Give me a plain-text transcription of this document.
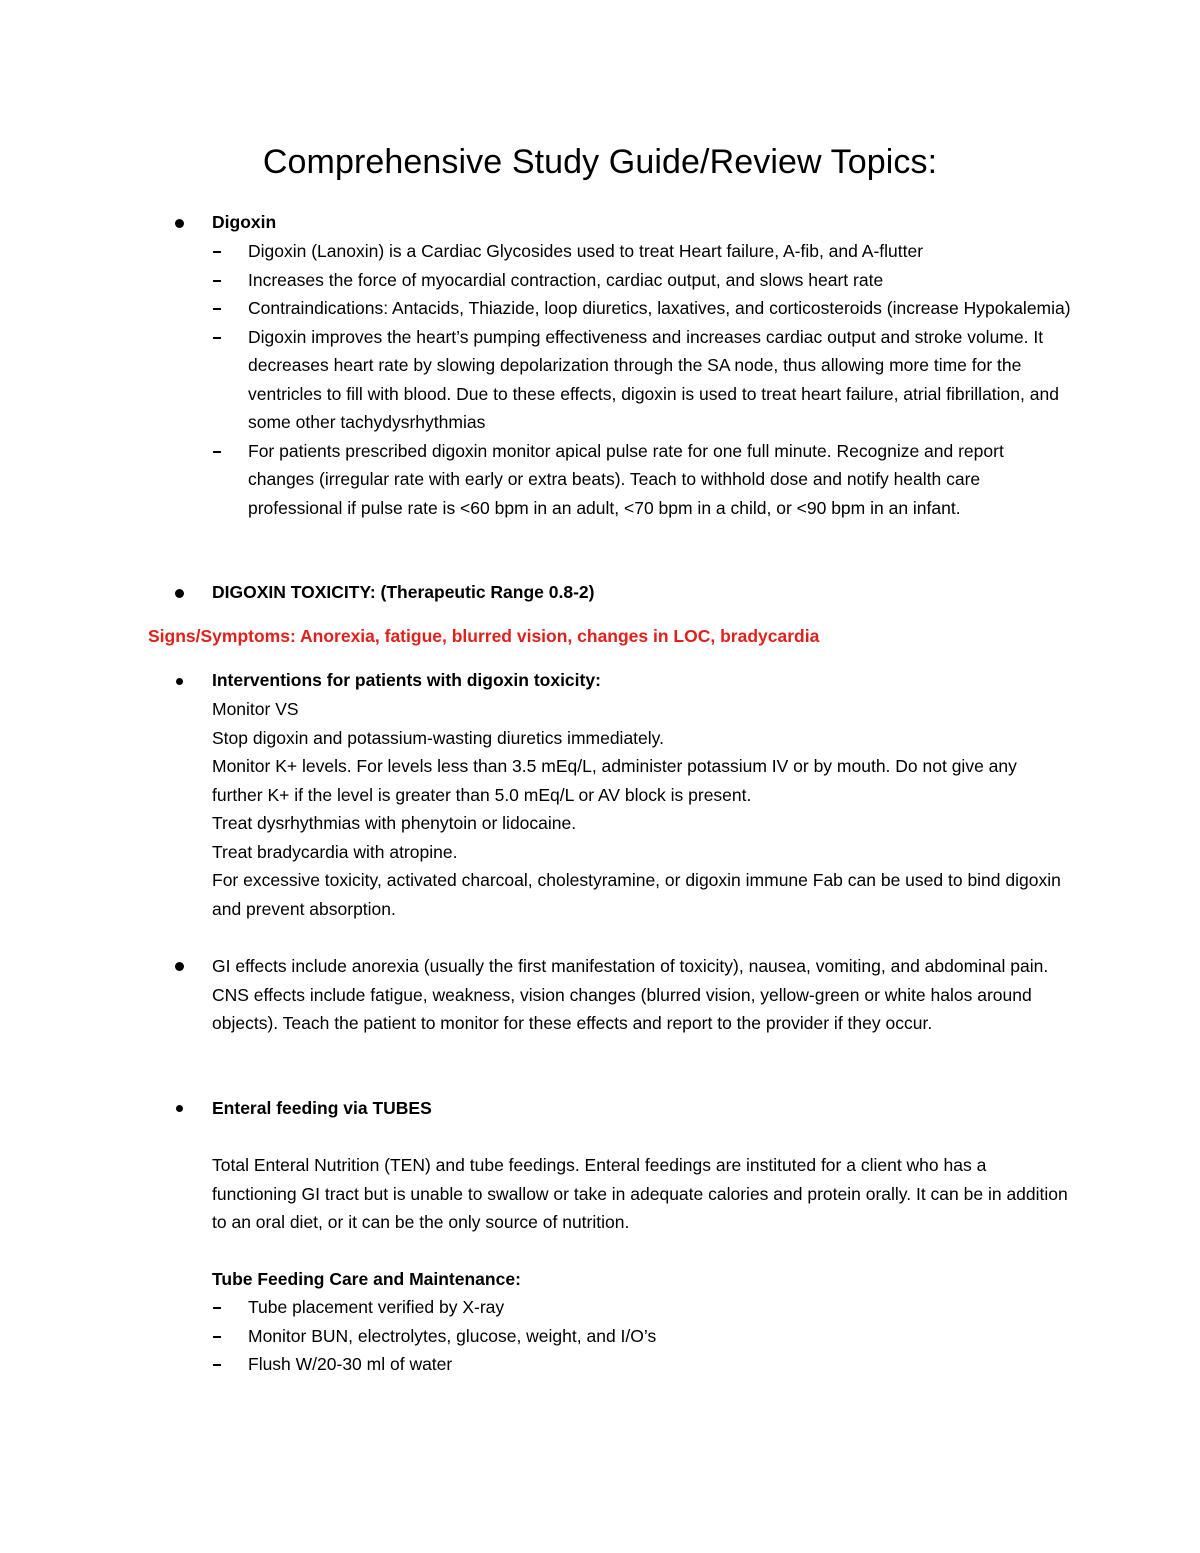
Comprehensive Study Guide/Review Topics:
Digoxin
Digoxin (Lanoxin) is a Cardiac Glycosides used to treat Heart failure, A-fib, and A-flutter
Increases the force of myocardial contraction, cardiac output, and slows heart rate
Contraindications: Antacids, Thiazide, loop diuretics, laxatives, and corticosteroids (increase Hypokalemia)
Digoxin improves the heart’s pumping effectiveness and increases cardiac output and stroke volume. It decreases heart rate by slowing depolarization through the SA node, thus allowing more time for the ventricles to fill with blood. Due to these effects, digoxin is used to treat heart failure, atrial fibrillation, and some other tachydysrhythmias
For patients prescribed digoxin monitor apical pulse rate for one full minute. Recognize and report changes (irregular rate with early or extra beats). Teach to withhold dose and notify health care professional if pulse rate is <60 bpm in an adult, <70 bpm in a child, or <90 bpm in an infant.
DIGOXIN TOXICITY: (Therapeutic Range 0.8-2)
Signs/Symptoms: Anorexia, fatigue, blurred vision, changes in LOC, bradycardia
Interventions for patients with digoxin toxicity:

Monitor VS

Stop digoxin and potassium-wasting diuretics immediately.

Monitor K+ levels. For levels less than 3.5 mEq/L, administer potassium IV or by mouth. Do not give any further K+ if the level is greater than 5.0 mEq/L or AV block is present.

Treat dysrhythmias with phenytoin or lidocaine.

Treat bradycardia with atropine.

For excessive toxicity, activated charcoal, cholestyramine, or digoxin immune Fab can be used to bind digoxin and prevent absorption.

GI effects include anorexia (usually the first manifestation of toxicity), nausea, vomiting, and abdominal pain. CNS effects include fatigue, weakness, vision changes (blurred vision, yellow-green or white halos around objects). Teach the patient to monitor for these effects and report to the provider if they occur.
Enteral feeding via TUBES
Total Enteral Nutrition (TEN) and tube feedings. Enteral feedings are instituted for a client who has a functioning GI tract but is unable to swallow or take in adequate calories and protein orally. It can be in addition to an oral diet, or it can be the only source of nutrition.
Tube Feeding Care and Maintenance:
Tube placement verified by X-ray
Monitor BUN, electrolytes, glucose, weight, and I/O’s
Flush W/20-30 ml of water
